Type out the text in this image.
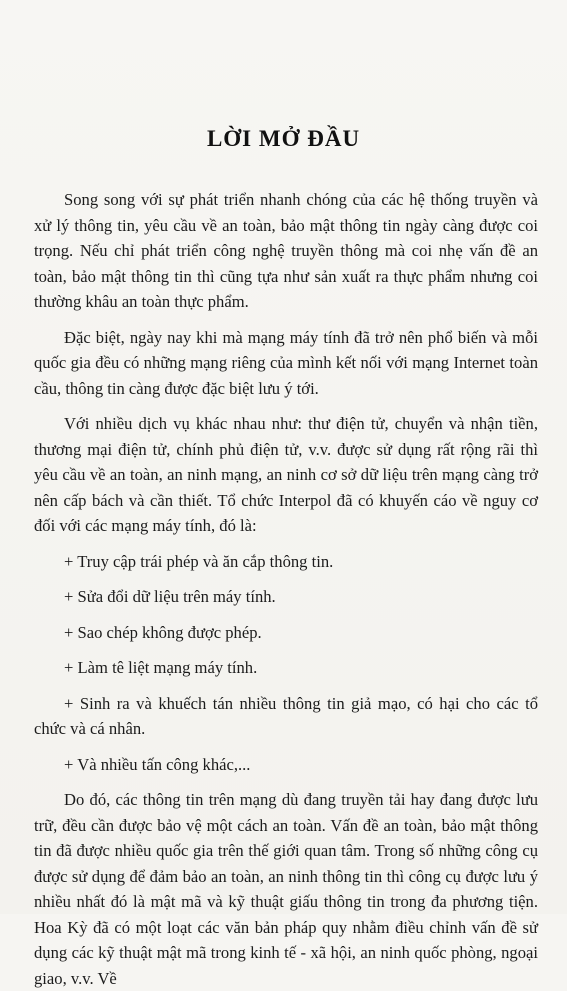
LỜI MỞ ĐẦU

Song song với sự phát triển nhanh chóng của các hệ thống truyền và xử lý thông tin, yêu cầu về an toàn, bảo mật thông tin ngày càng được coi trọng. Nếu chỉ phát triển công nghệ truyền thông mà coi nhẹ vấn đề an toàn, bảo mật thông tin thì cũng tựa như sản xuất ra thực phẩm nhưng coi thường khâu an toàn thực phẩm.

Đặc biệt, ngày nay khi mà mạng máy tính đã trở nên phổ biến và mỗi quốc gia đều có những mạng riêng của mình kết nối với mạng Internet toàn cầu, thông tin càng được đặc biệt lưu ý tới.

Với nhiều dịch vụ khác nhau như: thư điện tử, chuyển và nhận tiền, thương mại điện tử, chính phủ điện tử, v.v. được sử dụng rất rộng rãi thì yêu cầu về an toàn, an ninh mạng, an ninh cơ sở dữ liệu trên mạng càng trở nên cấp bách và cần thiết. Tổ chức Interpol đã có khuyến cáo về nguy cơ đối với các mạng máy tính, đó là:

+ Truy cập trái phép và ăn cắp thông tin.

+ Sửa đổi dữ liệu trên máy tính.

+ Sao chép không được phép.

+ Làm tê liệt mạng máy tính.

+ Sinh ra và khuếch tán nhiều thông tin giả mạo, có hại cho các tổ chức và cá nhân.

+ Và nhiều tấn công khác,...

Do đó, các thông tin trên mạng dù đang truyền tải hay đang được lưu trữ, đều cần được bảo vệ một cách an toàn. Vấn đề an toàn, bảo mật thông tin đã được nhiều quốc gia trên thế giới quan tâm. Trong số những công cụ được sử dụng để đảm bảo an toàn, an ninh thông tin thì công cụ được lưu ý nhiều nhất đó là mật mã và kỹ thuật giấu thông tin trong đa phương tiện. Hoa Kỳ đã có một loạt các văn bản pháp quy nhằm điều chỉnh vấn đề sử dụng các kỹ thuật mật mã trong kinh tế - xã hội, an ninh quốc phòng, ngoại giao, v.v. Về
